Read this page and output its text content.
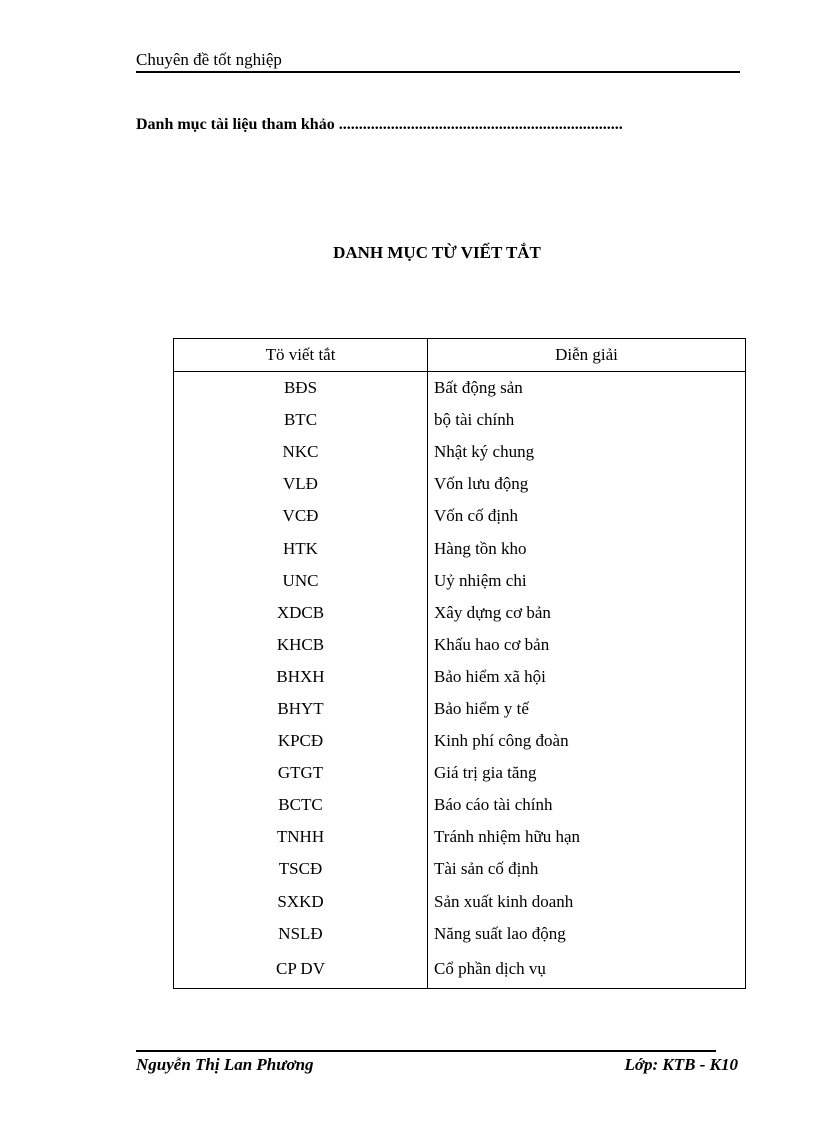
Chuyên đề tốt nghiệp
Danh mục tài liệu tham khảo .......................................................................
DANH MỤC TỪ VIẾT TẮT
Tö viết tắt	Diễn giải
BĐS	Bất động sản
BTC	bộ tài chính
NKC	Nhật ký chung
VLĐ	Vốn lưu động
VCĐ	Vốn cố định
HTK	Hàng tồn kho
UNC	Uỷ nhiệm chi
XDCB	Xây dựng cơ bản
KHCB	Khấu hao cơ bản
BHXH	Bảo hiểm xã hội
BHYT	Bảo hiểm y tế
KPCĐ	Kinh phí công đoàn
GTGT	Giá trị gia tăng
BCTC	Báo cáo tài chính
TNHH	Tránh nhiệm hữu hạn
TSCĐ	Tài sản cố định
SXKD	Sản xuất kinh doanh
NSLĐ	Năng suất lao động
CP DV	Cổ phần dịch vụ
Nguyễn Thị Lan Phương	Lớp: KTB - K10
